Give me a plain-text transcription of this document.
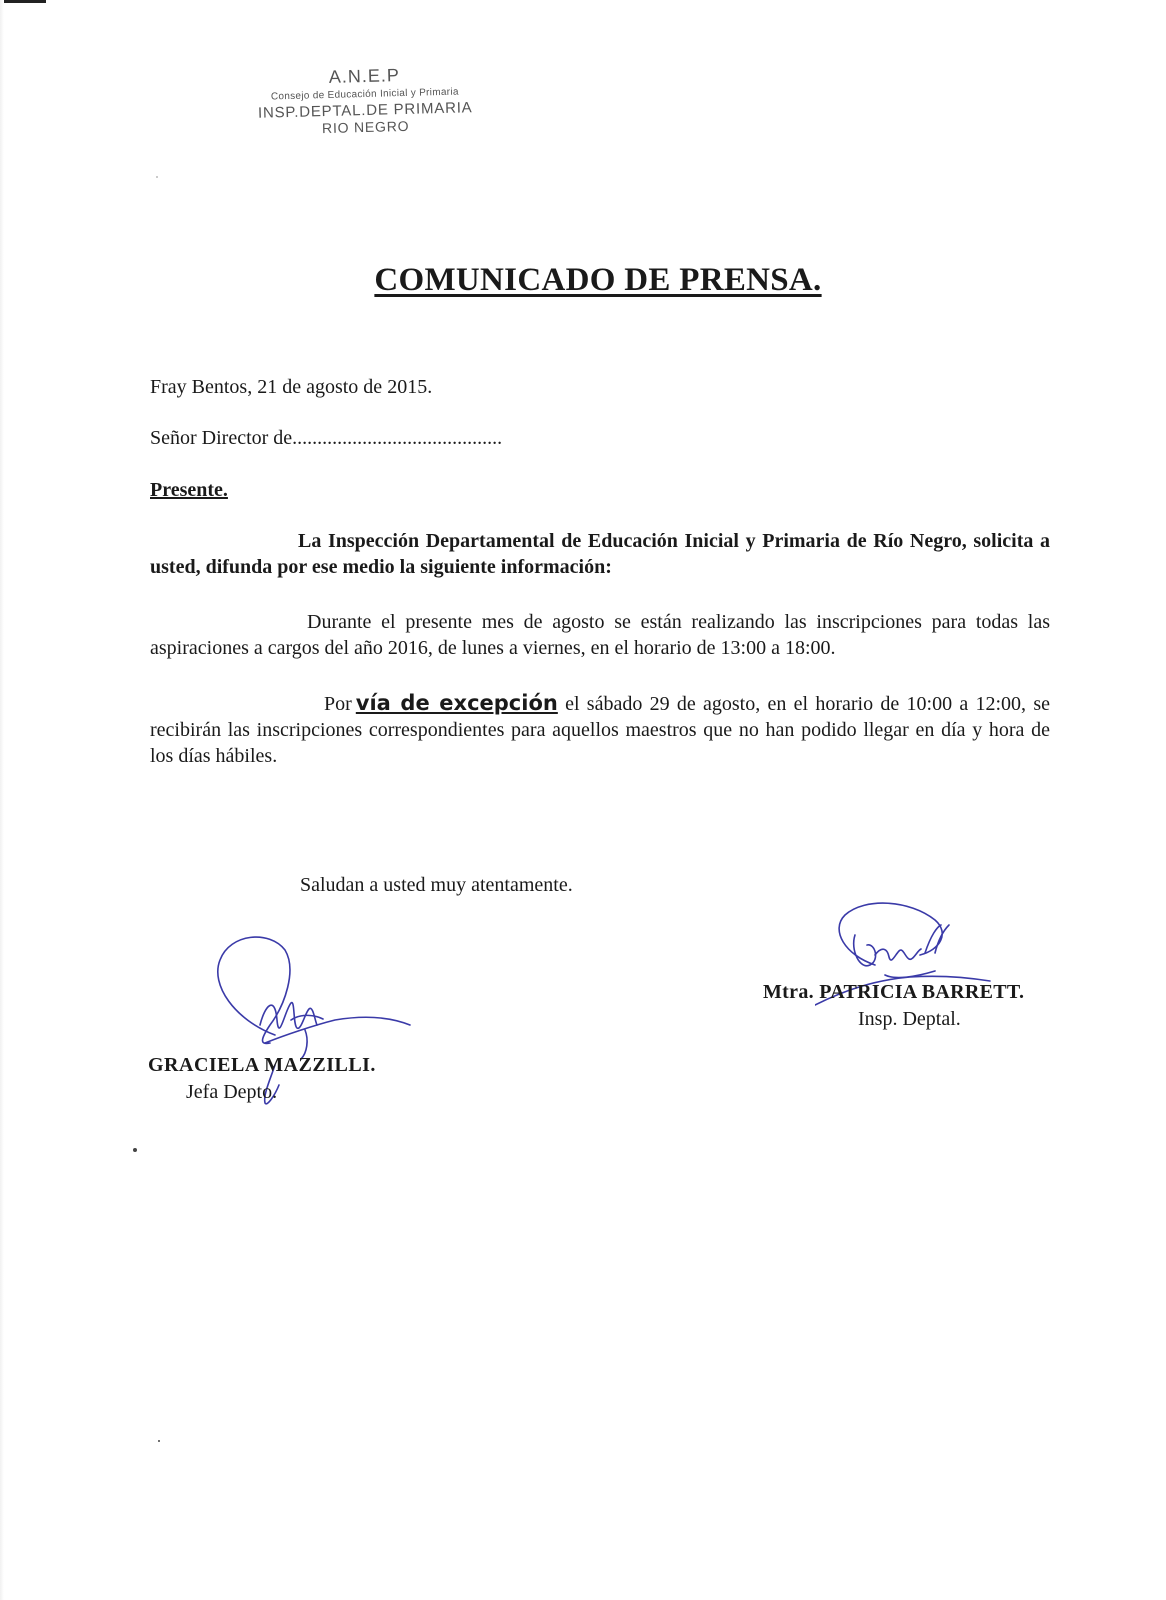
A.N.E.P
Consejo de Educación Inicial y Primaria
INSP.DEPTAL.DE PRIMARIA
RIO NEGRO
COMUNICADO DE PRENSA.
Fray Bentos, 21 de agosto de 2015.
Señor Director de..........................................
Presente.
La Inspección Departamental de Educación Inicial y Primaria de Río Negro, solicita a usted, difunda por ese medio la siguiente información:
Durante el presente mes de agosto se están realizando las inscripciones para todas las aspiraciones a cargos del año 2016, de lunes a viernes, en el horario de 13:00 a 18:00.
Por vía de excepción el sábado 29 de agosto, en el horario de 10:00 a 12:00, se recibirán las inscripciones correspondientes para aquellos maestros que no han podido llegar en día y hora de los días hábiles.
Saludan a usted muy atentamente.
GRACIELA MAZZILLI.
Jefa Depto.
Mtra. PATRICIA BARRETT.
Insp. Deptal.
